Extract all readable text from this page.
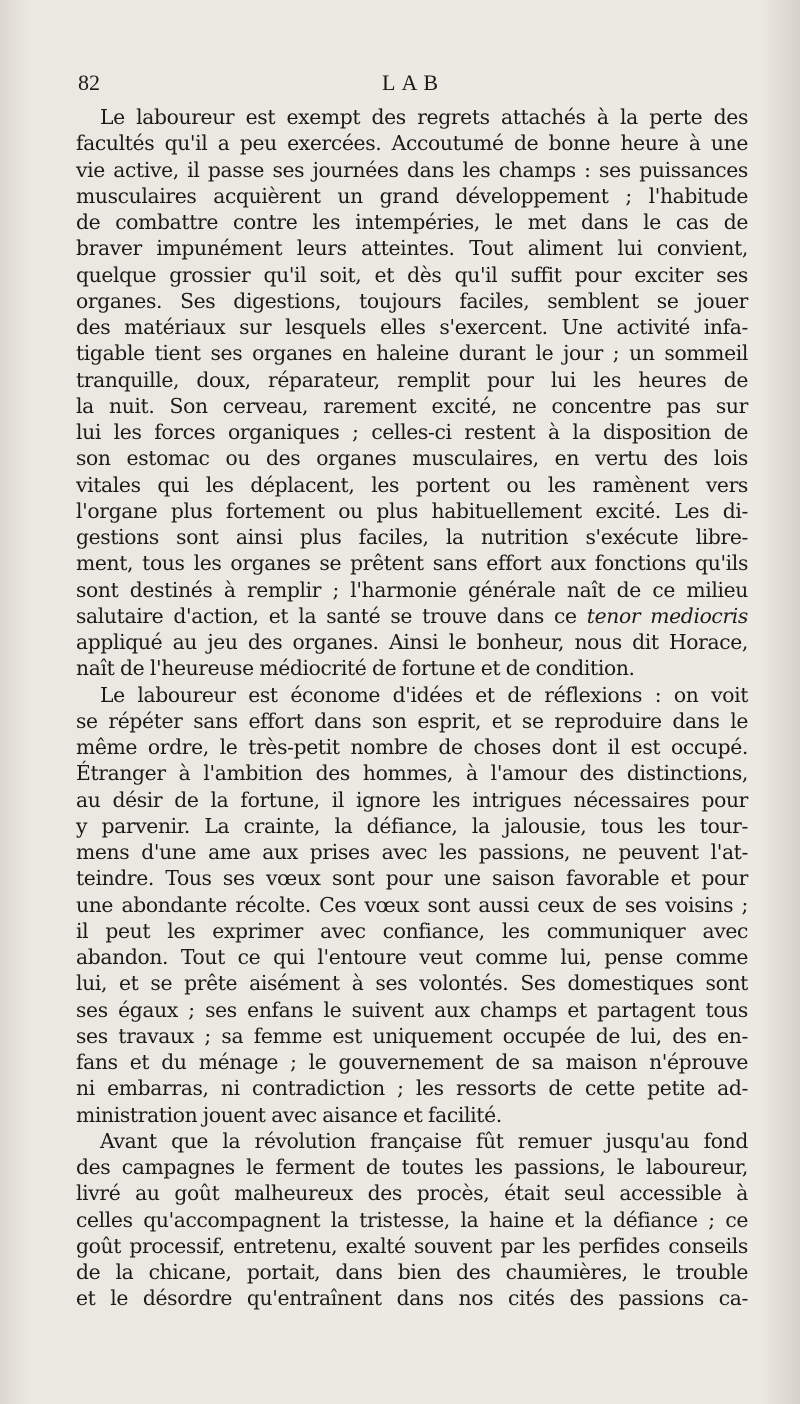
82	LAB
Le laboureur est exempt des regrets attachés à la perte des
facultés qu'il a peu exercées. Accoutumé de bonne heure à une
vie active, il passe ses journées dans les champs : ses puissances
musculaires acquièrent un grand développement ; l'habitude
de combattre contre les intempéries, le met dans le cas de
braver impunément leurs atteintes. Tout aliment lui convient,
quelque grossier qu'il soit, et dès qu'il suffit pour exciter ses
organes. Ses digestions, toujours faciles, semblent se jouer
des matériaux sur lesquels elles s'exercent. Une activité infa-
tigable tient ses organes en haleine durant le jour ; un sommeil
tranquille, doux, réparateur, remplit pour lui les heures de
la nuit. Son cerveau, rarement excité, ne concentre pas sur
lui les forces organiques ; celles-ci restent à la disposition de
son estomac ou des organes musculaires, en vertu des lois
vitales qui les déplacent, les portent ou les ramènent vers
l'organe plus fortement ou plus habituellement excité. Les di-
gestions sont ainsi plus faciles, la nutrition s'exécute libre-
ment, tous les organes se prêtent sans effort aux fonctions qu'ils
sont destinés à remplir ; l'harmonie générale naît de ce milieu
salutaire d'action, et la santé se trouve dans ce tenor mediocris
appliqué au jeu des organes. Ainsi le bonheur, nous dit Horace,
naît de l'heureuse médiocrité de fortune et de condition.
Le laboureur est économe d'idées et de réflexions : on voit
se répéter sans effort dans son esprit, et se reproduire dans le
même ordre, le très-petit nombre de choses dont il est occupé.
Étranger à l'ambition des hommes, à l'amour des distinctions,
au désir de la fortune, il ignore les intrigues nécessaires pour
y parvenir. La crainte, la défiance, la jalousie, tous les tour-
mens d'une ame aux prises avec les passions, ne peuvent l'at-
teindre. Tous ses vœux sont pour une saison favorable et pour
une abondante récolte. Ces vœux sont aussi ceux de ses voisins ;
il peut les exprimer avec confiance, les communiquer avec
abandon. Tout ce qui l'entoure veut comme lui, pense comme
lui, et se prête aisément à ses volontés. Ses domestiques sont
ses égaux ; ses enfans le suivent aux champs et partagent tous
ses travaux ; sa femme est uniquement occupée de lui, des en-
fans et du ménage ; le gouvernement de sa maison n'éprouve
ni embarras, ni contradiction ; les ressorts de cette petite ad-
ministration jouent avec aisance et facilité.
Avant que la révolution française fût remuer jusqu'au fond
des campagnes le ferment de toutes les passions, le laboureur,
livré au goût malheureux des procès, était seul accessible à
celles qu'accompagnent la tristesse, la haine et la défiance ; ce
goût processif, entretenu, exalté souvent par les perfides conseils
de la chicane, portait, dans bien des chaumières, le trouble
et le désordre qu'entraînent dans nos cités des passions ca-
